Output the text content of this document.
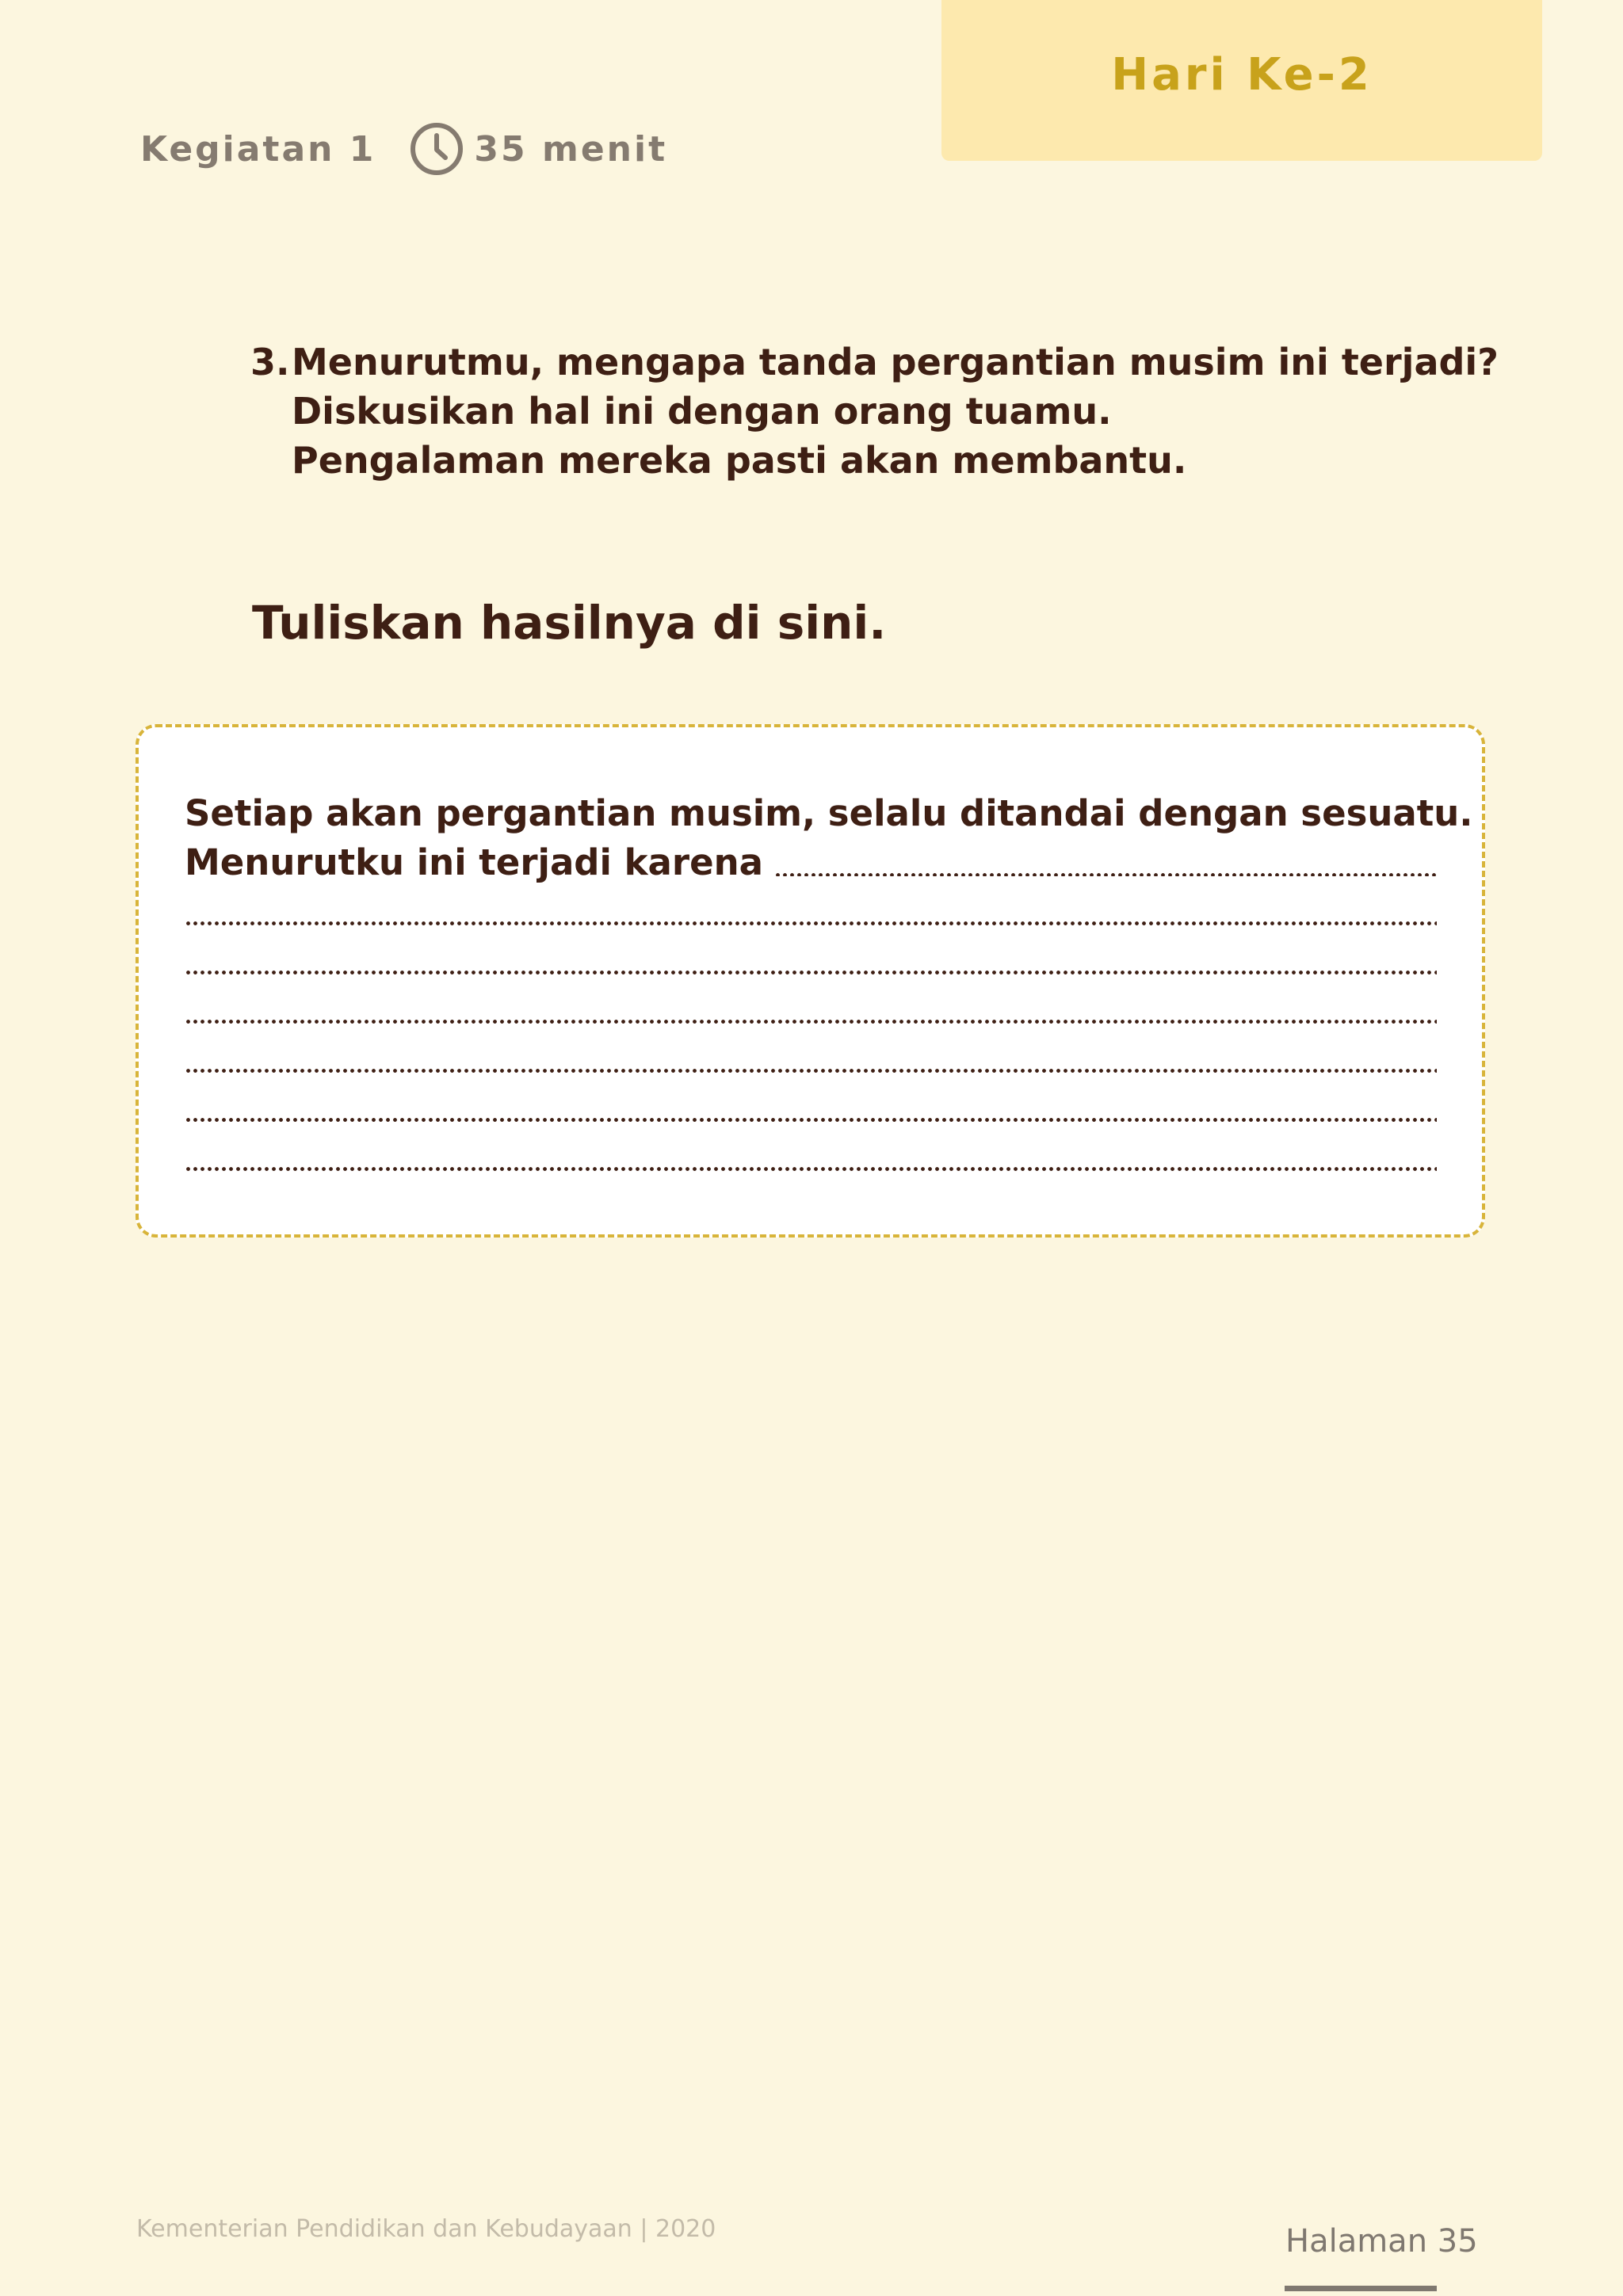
Hari Ke-2
Kegiatan 1	35 menit
3.Menurutmu, mengapa tanda pergantian musim ini terjadi?
Diskusikan hal ini dengan orang tuamu.
Pengalaman mereka pasti akan membantu.
Tuliskan hasilnya di sini.
Setiap akan pergantian musim, selalu ditandai dengan sesuatu.
Menurutku ini terjadi karena
Kementerian Pendidikan dan Kebudayaan | 2020	Halaman 35
